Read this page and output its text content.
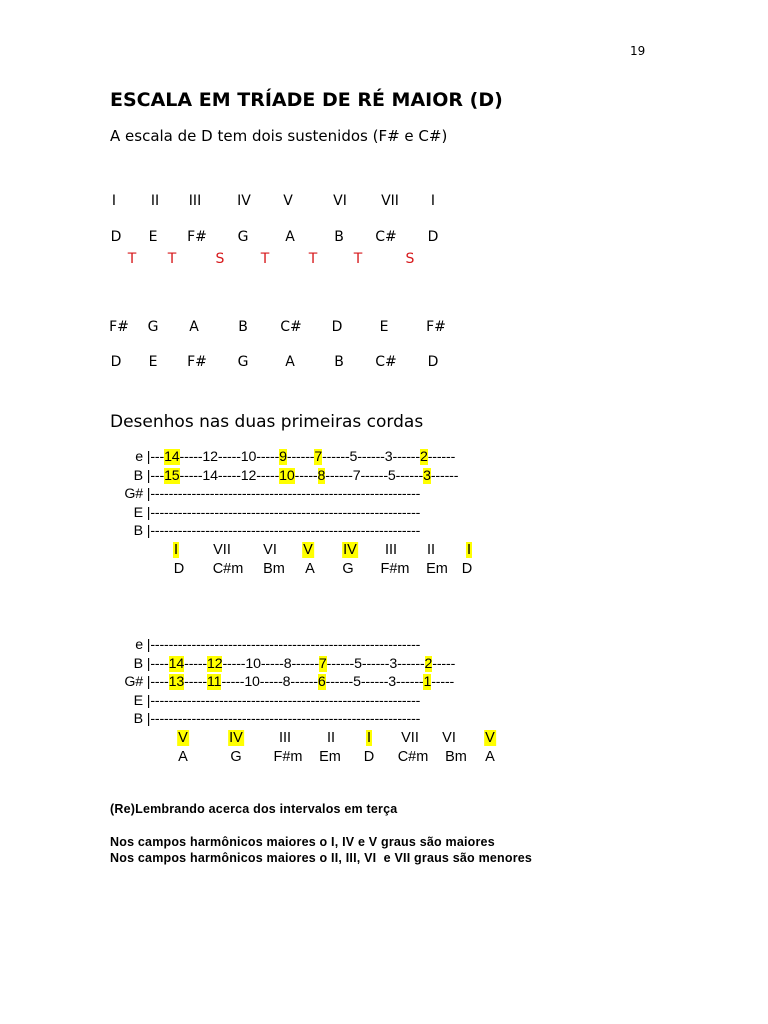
19
ESCALA EM TRÍADE DE RÉ MAIOR (D)
A escala de D tem dois sustenidos (F# e C#)
I II III	IV V	VI VII I
D E F# G	A	B C# D
T T	S	T	T	T	S
F# G A	B C# D	E	F#
D E F# G	A	B C# D
Desenhos nas duas primeiras cordas
e |---14-----12-----10-----9------7------5------3------2------
B |---15-----14-----12-----10-----8------7------5------3------
G# |-----------------------------------------------------------
E |-----------------------------------------------------------
B |-----------------------------------------------------------
I VII VI V IV III II I
D C#m Bm A G F#m Em D
e |-----------------------------------------------------------
B |----14-----12-----10-----8------7------5------3------2-----
G# |----13-----11-----10-----8------6------5------3------1-----
E |-----------------------------------------------------------
B |-----------------------------------------------------------
V	IV III II I VII VI V
A	G F#m Em D C#m Bm A
(Re)Lembrando acerca dos intervalos em terça
Nos campos harmônicos maiores o I, IV e V graus são maiores
Nos campos harmônicos maiores o II, III, VI  e VII graus são menores
